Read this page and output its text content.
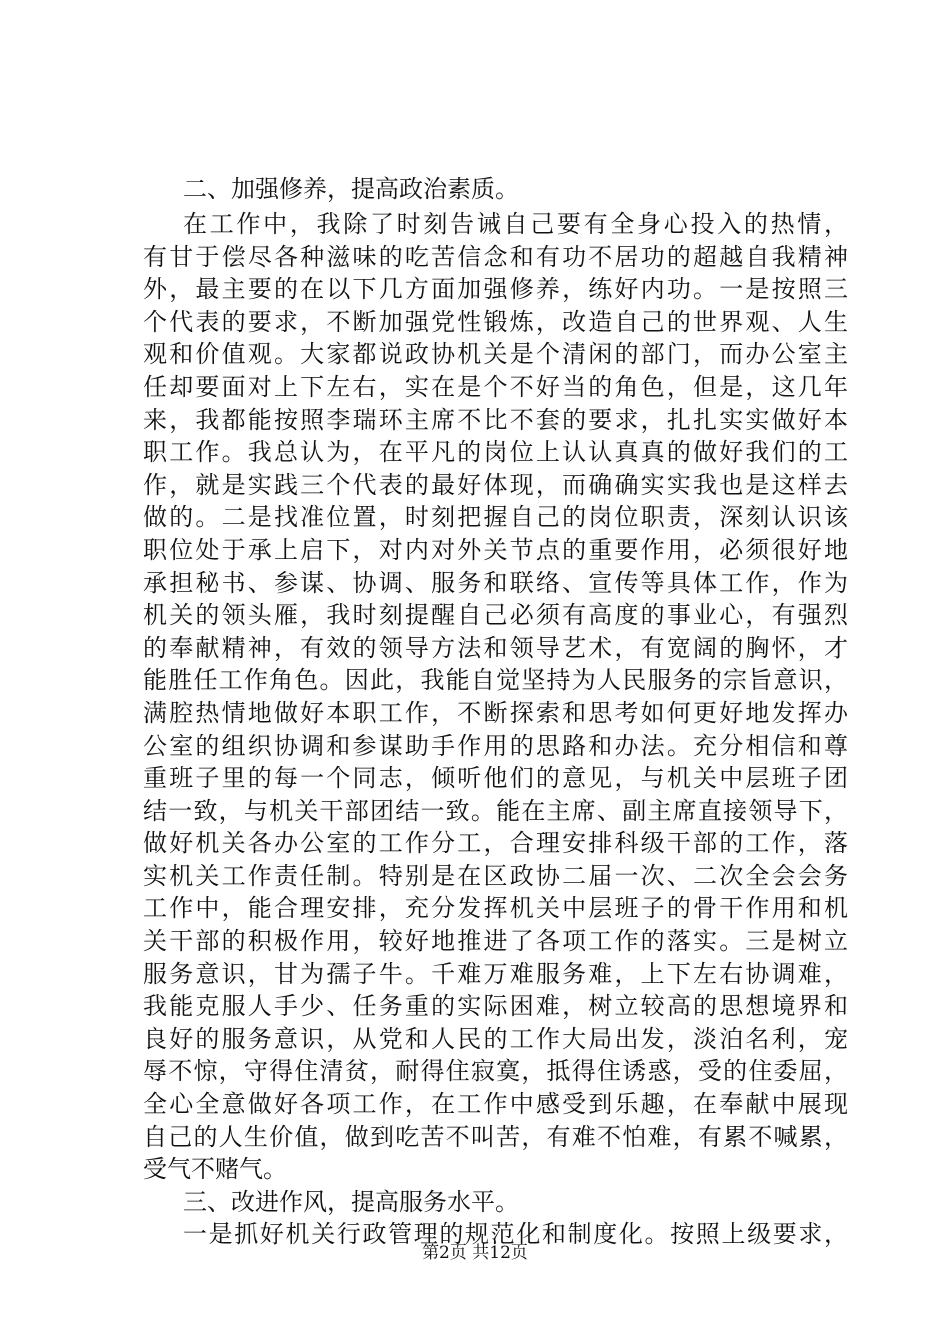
二、加强修养，提高政治素质。
在工作中，我除了时刻告诫自己要有全身心投入的热情，
有甘于偿尽各种滋味的吃苦信念和有功不居功的超越自我精神
外，最主要的在以下几方面加强修养，练好内功。一是按照三
个代表的要求，不断加强党性锻炼，改造自己的世界观、人生
观和价值观。大家都说政协机关是个清闲的部门，而办公室主
任却要面对上下左右，实在是个不好当的角色，但是，这几年
来，我都能按照李瑞环主席不比不套的要求，扎扎实实做好本
职工作。我总认为，在平凡的岗位上认认真真的做好我们的工
作，就是实践三个代表的最好体现，而确确实实我也是这样去
做的。二是找准位置，时刻把握自己的岗位职责，深刻认识该
职位处于承上启下，对内对外关节点的重要作用，必须很好地
承担秘书、参谋、协调、服务和联络、宣传等具体工作，作为
机关的领头雁，我时刻提醒自己必须有高度的事业心，有强烈
的奉献精神，有效的领导方法和领导艺术，有宽阔的胸怀，才
能胜任工作角色。因此，我能自觉坚持为人民服务的宗旨意识，
满腔热情地做好本职工作，不断探索和思考如何更好地发挥办
公室的组织协调和参谋助手作用的思路和办法。充分相信和尊
重班子里的每一个同志，倾听他们的意见，与机关中层班子团
结一致，与机关干部团结一致。能在主席、副主席直接领导下，
做好机关各办公室的工作分工，合理安排科级干部的工作，落
实机关工作责任制。特别是在区政协二届一次、二次全会会务
工作中，能合理安排，充分发挥机关中层班子的骨干作用和机
关干部的积极作用，较好地推进了各项工作的落实。三是树立
服务意识，甘为孺子牛。千难万难服务难，上下左右协调难，
我能克服人手少、任务重的实际困难，树立较高的思想境界和
良好的服务意识，从党和人民的工作大局出发，淡泊名利，宠
辱不惊，守得住清贫，耐得住寂寞，抵得住诱惑，受的住委屈，
全心全意做好各项工作，在工作中感受到乐趣，在奉献中展现
自己的人生价值，做到吃苦不叫苦，有难不怕难，有累不喊累，
受气不赌气。
三、改进作风，提高服务水平。
一是抓好机关行政管理的规范化和制度化。按照上级要求，
第2页 共12页
